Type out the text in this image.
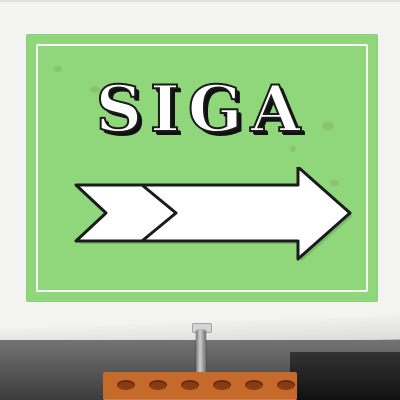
SIGA
